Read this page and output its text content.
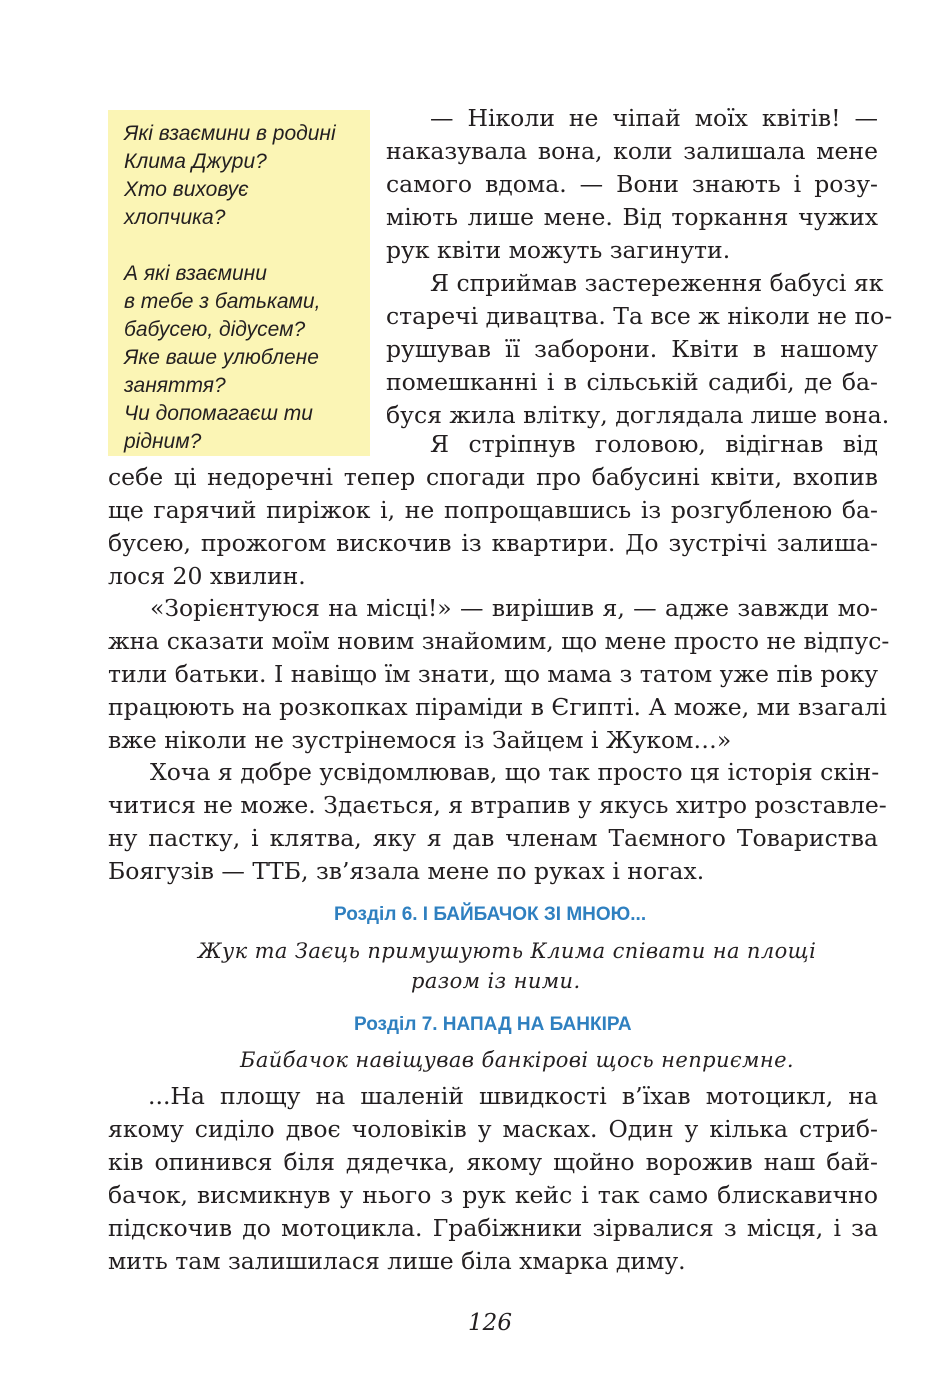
Які взаємини в родині

Клима Джури?

Хто виховує

хлопчика?

А які взаємини

в тебе з батьками,

бабусею, дідусем?

Яке ваше улюблене

заняття?

Чи допомагаєш ти

рідним?

— Ніколи не чіпай моїх квітів! —

наказувала вона, коли залишала мене

самого вдома. — Вони знають і розу-

міють лише мене. Від торкання чужих

рук квіти можуть загинути.

Я сприймав застереження бабусі як

старечі дивацтва. Та все ж ніколи не по-

рушував її заборони. Квіти в нашому

помешканні і в сільській садибі, де ба-

буся жила влітку, доглядала лише вона.

Я стріпнув головою, відігнав від

себе ці недоречні тепер спогади про бабусині квіти, вхопив

ще гарячий пиріжок і, не попрощавшись із розгубленою ба-

бусею, прожогом вискочив із квартири. До зустрічі залиша-

лося 20 хвилин.

«Зорієнтуюся на місці!» — вирішив я, — адже завжди мо-

жна сказати моїм новим знайомим, що мене просто не відпус-

тили батьки. І навіщо їм знати, що мама з татом уже пів року

працюють на розкопках піраміди в Єгипті. А може, ми взагалі

вже ніколи не зустрінемося із Зайцем і Жуком…»

Хоча я добре усвідомлював, що так просто ця історія скін-

читися не може. Здається, я втрапив у якусь хитро розставле-

ну пастку, і клятва, яку я дав членам Таємного Товариства

Боягузів — ТТБ, зв’язала мене по руках і ногах.

Розділ 6. І БАЙБАЧОК ЗІ МНОЮ...

Жук та Заєць примушують Клима співати на площі

разом із ними.

Розділ 7. НАПАД НА БАНКІРА

Байбачок навіщував банкірові щось неприємне.

...На площу на шаленій швидкості в’їхав мотоцикл, на

якому сиділо двоє чоловіків у масках. Один у кілька стриб-

ків опинився біля дядечка, якому щойно ворожив наш бай-

бачок, висмикнув у нього з рук кейс і так само блискавично

підскочив до мотоцикла. Грабіжники зірвалися з місця, і за

мить там залишилася лише біла хмарка диму.

126
